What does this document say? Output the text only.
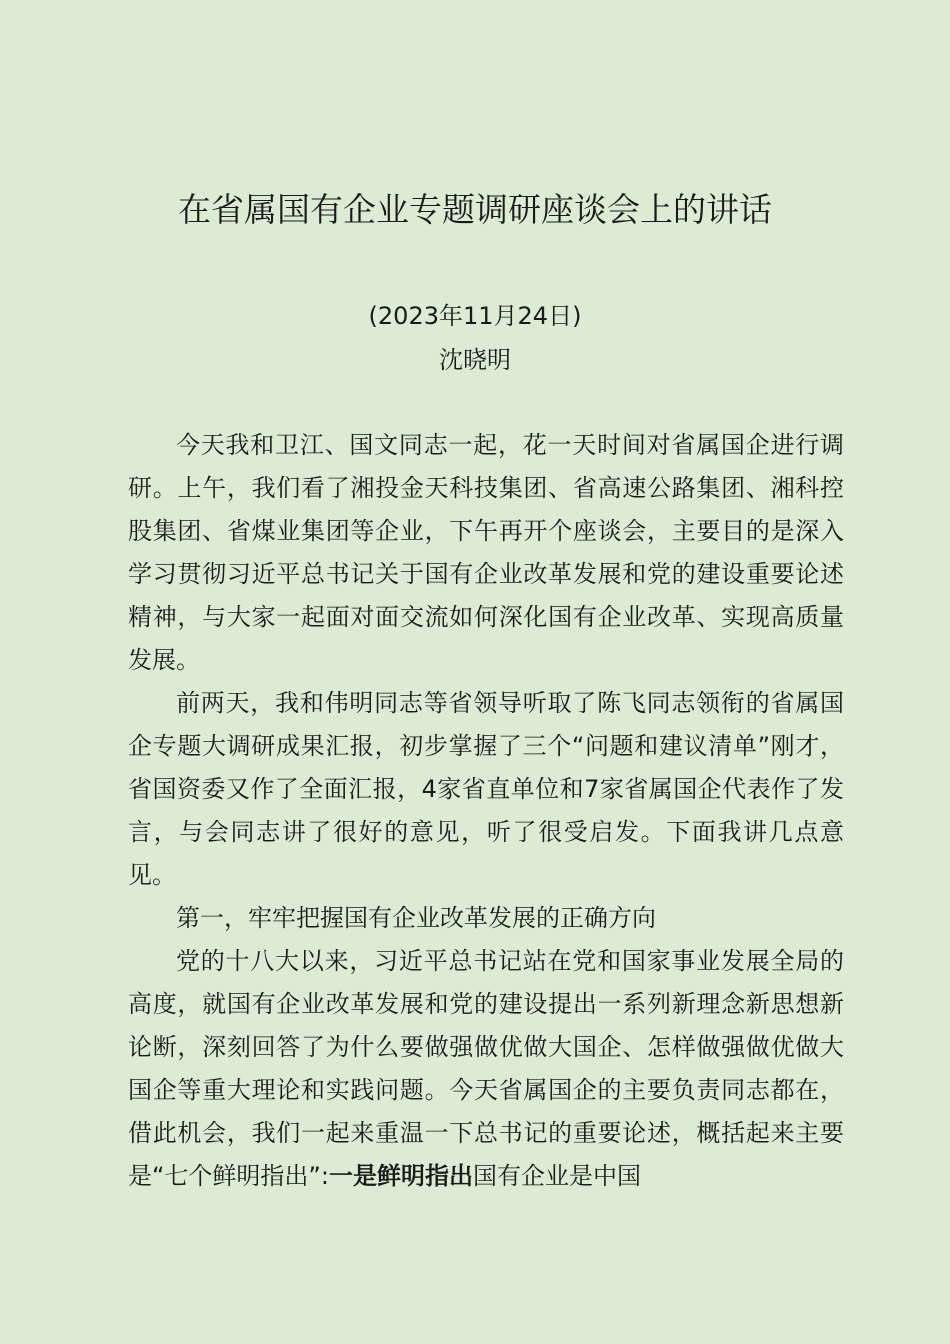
在省属国有企业专题调研座谈会上的讲话
(2023年11月24日)
沈晓明

今天我和卫江、国文同志一起，花一天时间对省属国企进行调研。上午，我们看了湘投金天科技集团、省高速公路集团、湘科控股集团、省煤业集团等企业，下午再开个座谈会，主要目的是深入学习贯彻习近平总书记关于国有企业改革发展和党的建设重要论述精神，与大家一起面对面交流如何深化国有企业改革、实现高质量发展。

前两天，我和伟明同志等省领导听取了陈飞同志领衔的省属国企专题大调研成果汇报，初步掌握了三个“问题和建议清单”刚才，省国资委又作了全面汇报，4家省直单位和7家省属国企代表作了发言，与会同志讲了很好的意见，听了很受启发。下面我讲几点意见。

第一，牢牢把握国有企业改革发展的正确方向

党的十八大以来，习近平总书记站在党和国家事业发展全局的高度，就国有企业改革发展和党的建设提出一系列新理念新思想新论断，深刻回答了为什么要做强做优做大国企、怎样做强做优做大国企等重大理论和实践问题。今天省属国企的主要负责同志都在，借此机会，我们一起来重温一下总书记的重要论述，概括起来主要是“七个鲜明指出”:一是鲜明指出国有企业是中国
